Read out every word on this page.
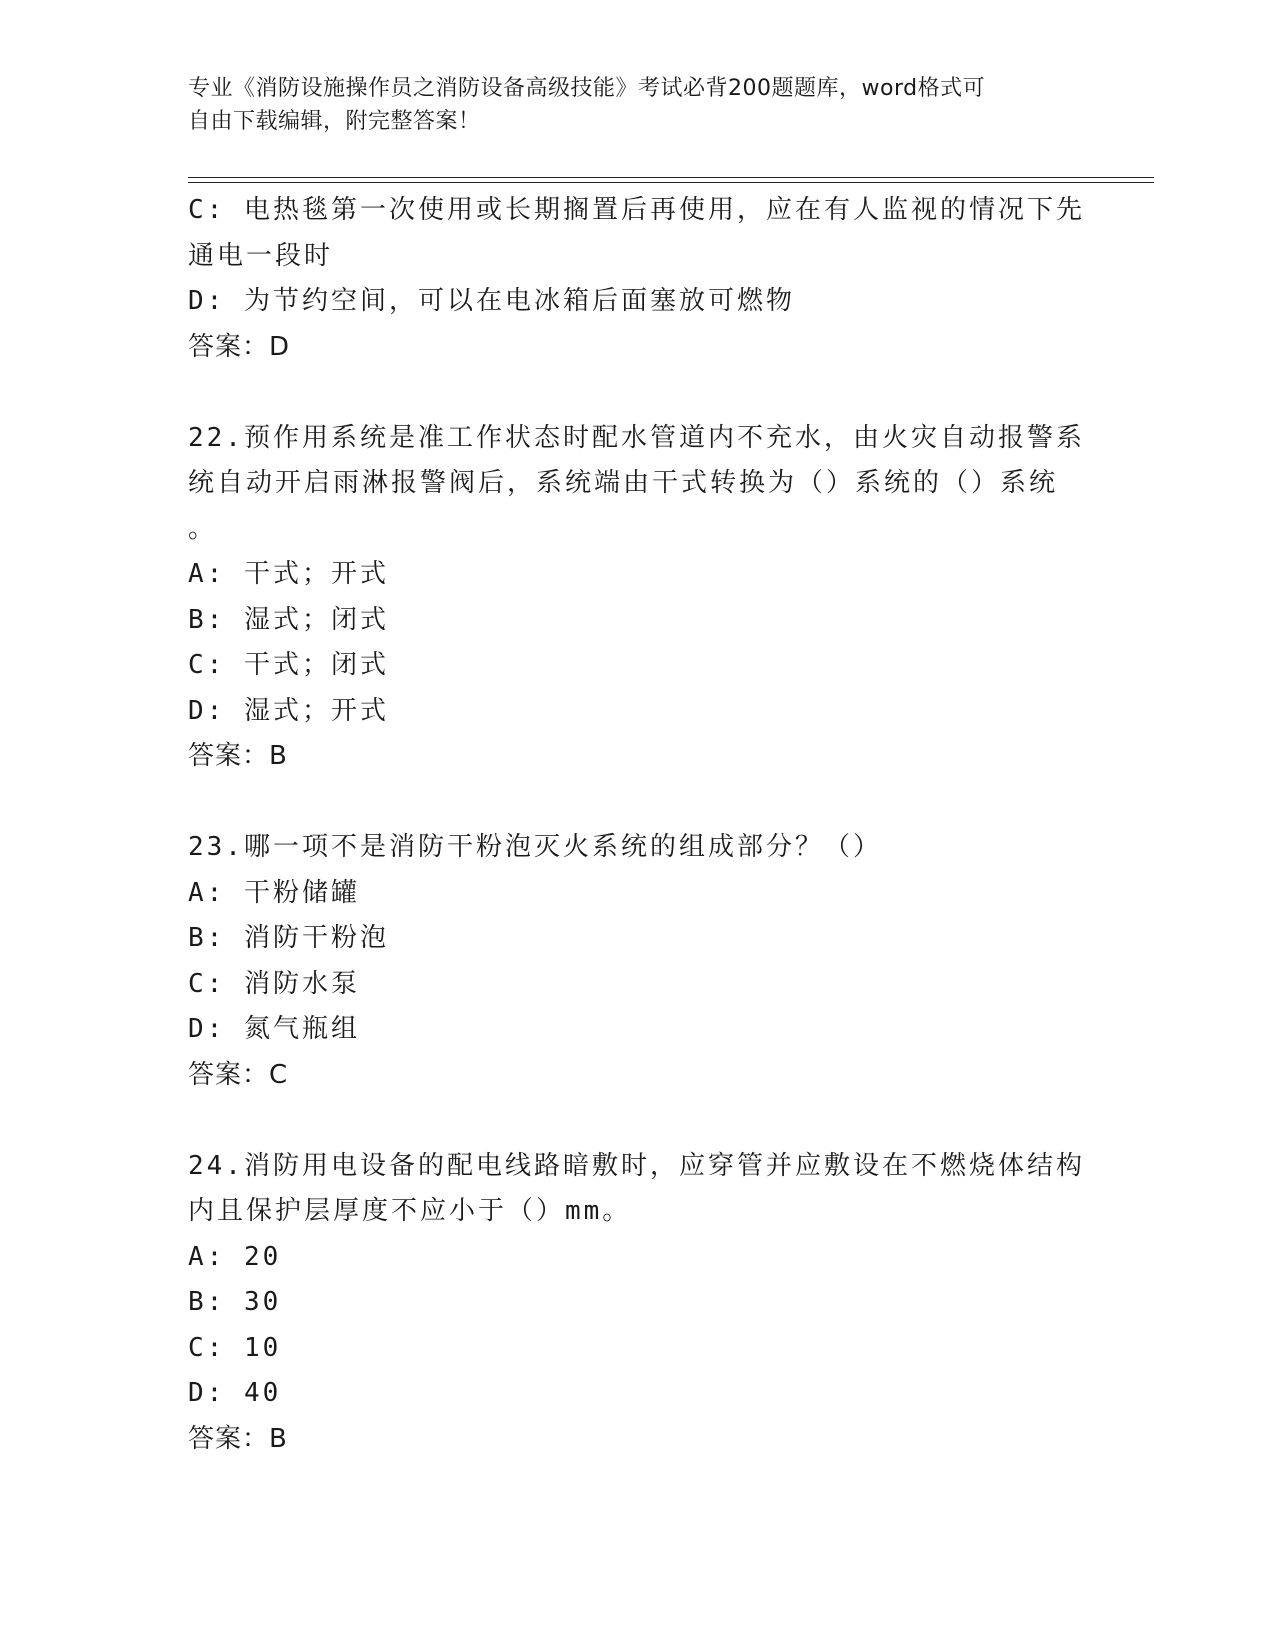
专业《消防设施操作员之消防设备高级技能》考试必背200题题库，word格式可
自由下载编辑，附完整答案！
C: 电热毯第一次使用或长期搁置后再使用，应在有人监视的情况下先
通电一段时
D: 为节约空间，可以在电冰箱后面塞放可燃物
答案：D
22.预作用系统是准工作状态时配水管道内不充水，由火灾自动报警系
统自动开启雨淋报警阀后，系统端由干式转换为（）系统的（）系统
。
A: 干式；开式
B: 湿式；闭式
C: 干式；闭式
D: 湿式；开式
答案：B
23.哪一项不是消防干粉泡灭火系统的组成部分？（）
A: 干粉储罐
B: 消防干粉泡
C: 消防水泵
D: 氮气瓶组
答案：C
24.消防用电设备的配电线路暗敷时，应穿管并应敷设在不燃烧体结构
内且保护层厚度不应小于（）mm。
A: 20
B: 30
C: 10
D: 40
答案：B
